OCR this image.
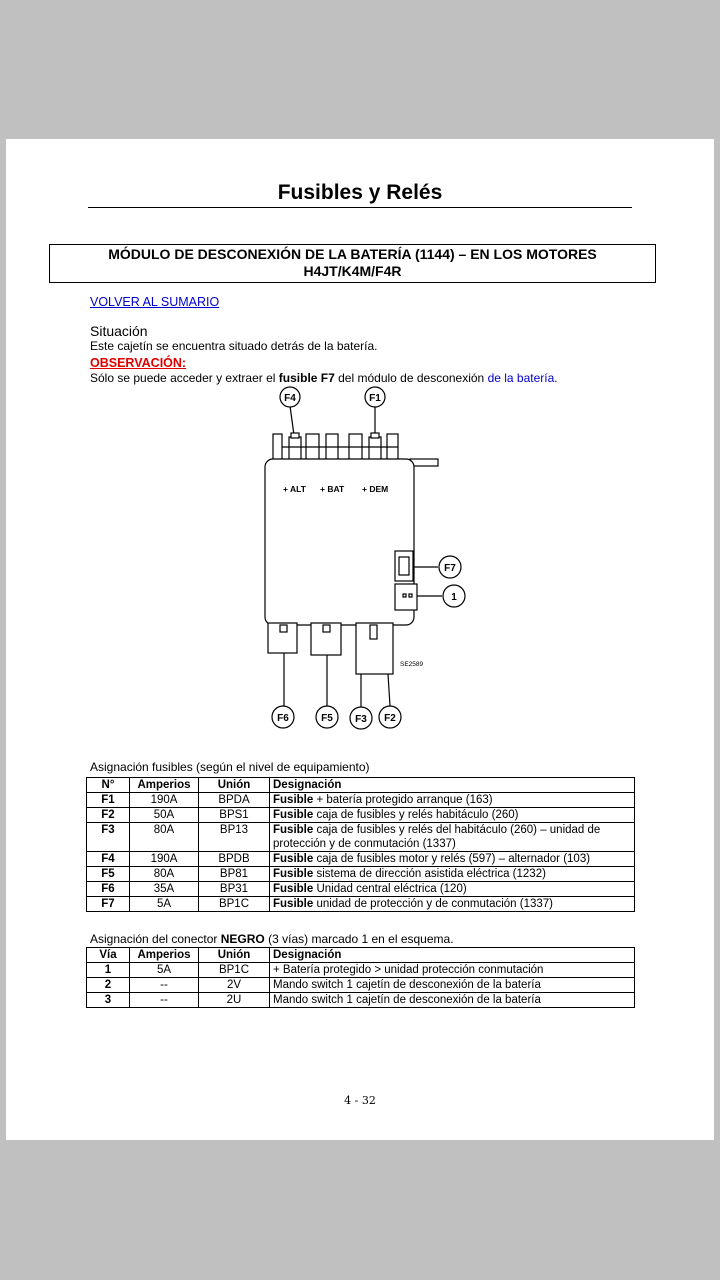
Fusibles y Relés
MÓDULO DE DESCONEXIÓN DE LA BATERÍA (1144) – EN LOS MOTORES
H4JT/K4M/F4R
VOLVER AL SUMARIO
Situación
Este cajetín se encuentra situado detrás de la batería.
OBSERVACIÓN:
Sólo se puede acceder y extraer el fusible F7 del módulo de desconexión de la batería.
F4	F1
F7
1
F6	F5 F3 F2
+ ALT + BAT + DEM
SE2589
Asignación fusibles (según el nivel de equipamiento)
N°	Amperios	Unión	Designación
F1	190A	BPDA	Fusible + batería protegido arranque (163)
F2	50A	BPS1	Fusible caja de fusibles y relés habitáculo (260)
F3	80A	BP13	Fusible caja de fusibles y relés del habitáculo (260) – unidad de protección y de conmutación (1337)
F4	190A	BPDB	Fusible caja de fusibles motor y relés (597) – alternador (103)
F5	80A	BP81	Fusible sistema de dirección asistida eléctrica (1232)
F6	35A	BP31	Fusible Unidad central eléctrica (120)
F7	5A	BP1C	Fusible unidad de protección y de conmutación (1337)
Asignación del conector NEGRO (3 vías) marcado 1 en el esquema.
Vía	Amperios	Unión	Designación
1	5A	BP1C	+ Batería protegido > unidad protección conmutación
2	--	2V	Mando switch 1 cajetín de desconexión de la batería
3	--	2U	Mando switch 1 cajetín de desconexión de la batería
4 - 32
